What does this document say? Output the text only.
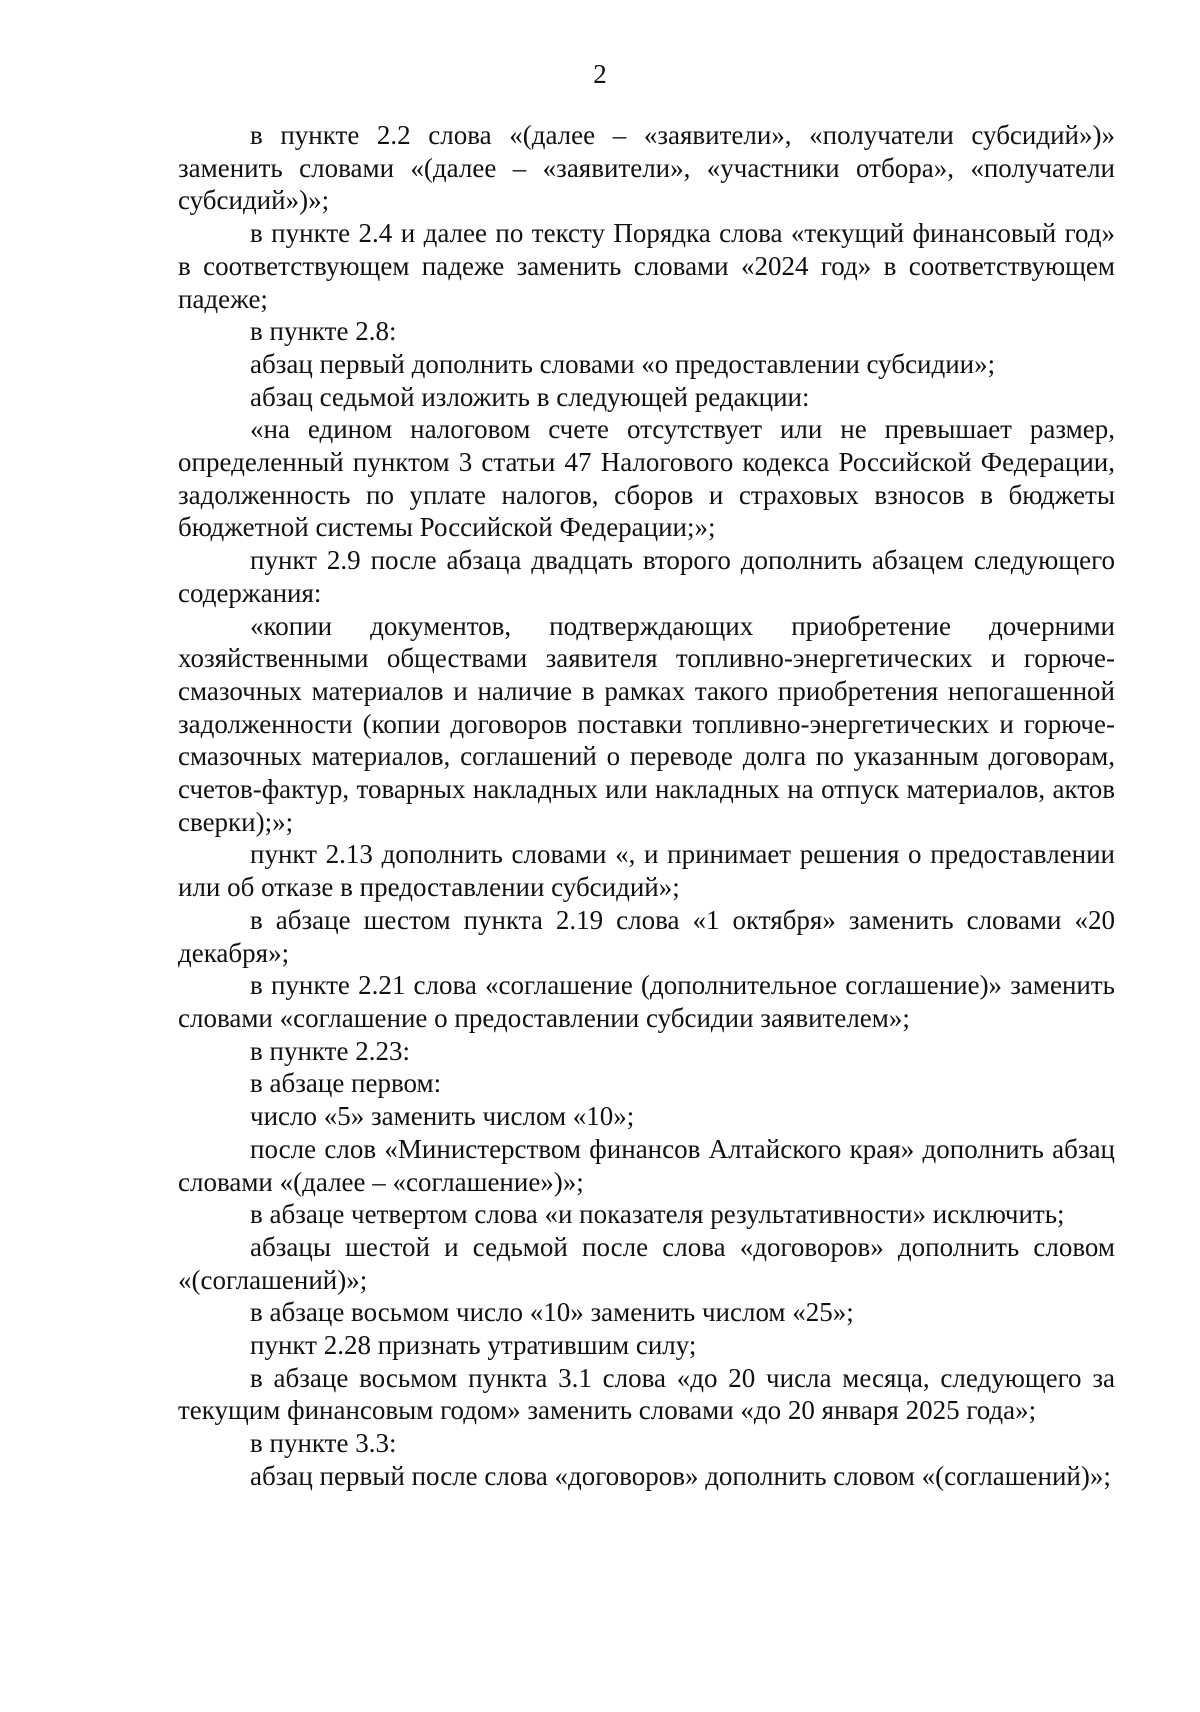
2

в пункте 2.2 слова «(далее – «заявители», «получатели субсидий»)» заменить словами «(далее – «заявители», «участники отбора», «получатели субсидий»)»;

в пункте 2.4 и далее по тексту Порядка слова «текущий финансовый год» в соответствующем падеже заменить словами «2024 год» в соответствующем падеже;

в пункте 2.8:

абзац первый дополнить словами «о предоставлении субсидии»;

абзац седьмой изложить в следующей редакции:

«на едином налоговом счете отсутствует или не превышает размер, определенный пунктом 3 статьи 47 Налогового кодекса Российской Федерации, задолженность по уплате налогов, сборов и страховых взносов в бюджеты бюджетной системы Российской Федерации;»;

пункт 2.9 после абзаца двадцать второго дополнить абзацем следующего содержания:

«копии документов, подтверждающих приобретение дочерними хозяйственными обществами заявителя топливно-энергетических и горюче-смазочных материалов и наличие в рамках такого приобретения непогашенной задолженности (копии договоров поставки топливно-энергетических и горюче-смазочных материалов, соглашений о переводе долга по указанным договорам, счетов-фактур, товарных накладных или накладных на отпуск материалов, актов сверки);»;

пункт 2.13 дополнить словами «, и принимает решения о предоставлении или об отказе в предоставлении субсидий»;

в абзаце шестом пункта 2.19 слова «1 октября» заменить словами «20 декабря»;

в пункте 2.21 слова «соглашение (дополнительное соглашение)» заменить словами «соглашение о предоставлении субсидии заявителем»;

в пункте 2.23:

в абзаце первом:

число «5» заменить числом «10»;

после слов «Министерством финансов Алтайского края» дополнить абзац словами «(далее – «соглашение»)»;

в абзаце четвертом слова «и показателя результативности» исключить;

абзацы шестой и седьмой после слова «договоров» дополнить словом «(соглашений)»;

в абзаце восьмом число «10» заменить числом «25»;

пункт 2.28 признать утратившим силу;

в абзаце восьмом пункта 3.1 слова «до 20 числа месяца, следующего за текущим финансовым годом» заменить словами «до 20 января 2025 года»;

в пункте 3.3:

абзац первый после слова «договоров» дополнить словом «(соглашений)»;
